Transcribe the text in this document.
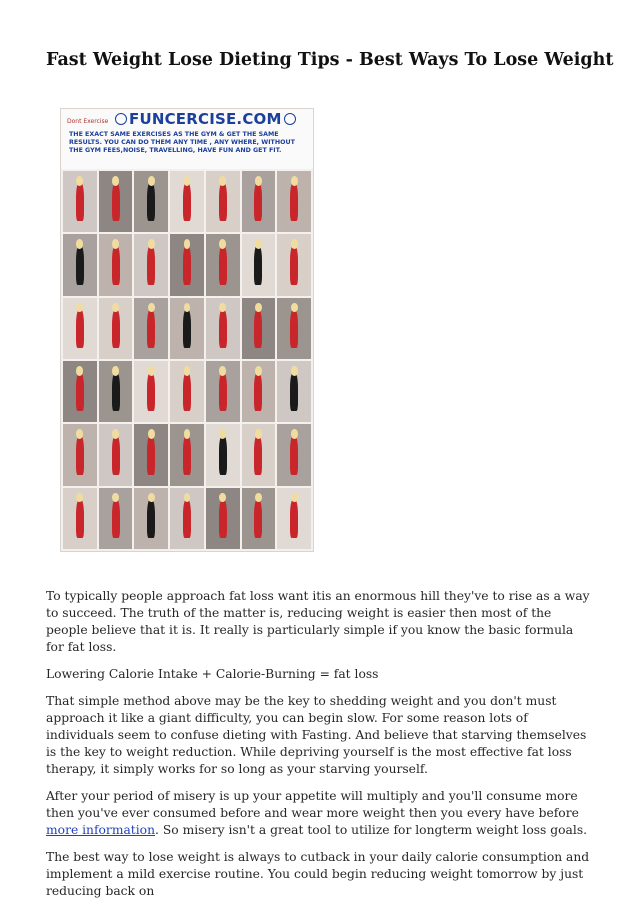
Fast Weight Lose Dieting Tips - Best Ways To Lose Weight
Dont Exercise	FUNCERCISE.COM
THE EXACT SAME EXERCISES AS THE GYM & GET THE SAME RESULTS. YOU CAN DO THEM ANY TIME , ANY WHERE, WITHOUT THE GYM FEES,NOISE, TRAVELLING, HAVE FUN AND GET FIT.

To typically people approach fat loss want itis an enormous hill they've to rise as a way to succeed. The truth of the matter is, reducing weight is easier then most of the people believe that it is. It really is particularly simple if you know the basic formula for fat loss.

Lowering Calorie Intake + Calorie-Burning = fat loss

That simple method above may be the key to shedding weight and you don't must approach it like a giant difficulty, you can begin slow. For some reason lots of individuals seem to confuse dieting with Fasting. And believe that starving themselves is the key to weight reduction. While depriving yourself is the most effective fat loss therapy, it simply works for so long as your starving yourself.

After your period of misery is up your appetite will multiply and you'll consume more then you've ever consumed before and wear more weight then you every have before more information. So misery isn't a great tool to utilize for longterm weight loss goals.

The best way to lose weight is always to cutback in your daily calorie consumption and implement a mild exercise routine. You could begin reducing weight tomorrow by just reducing back on
